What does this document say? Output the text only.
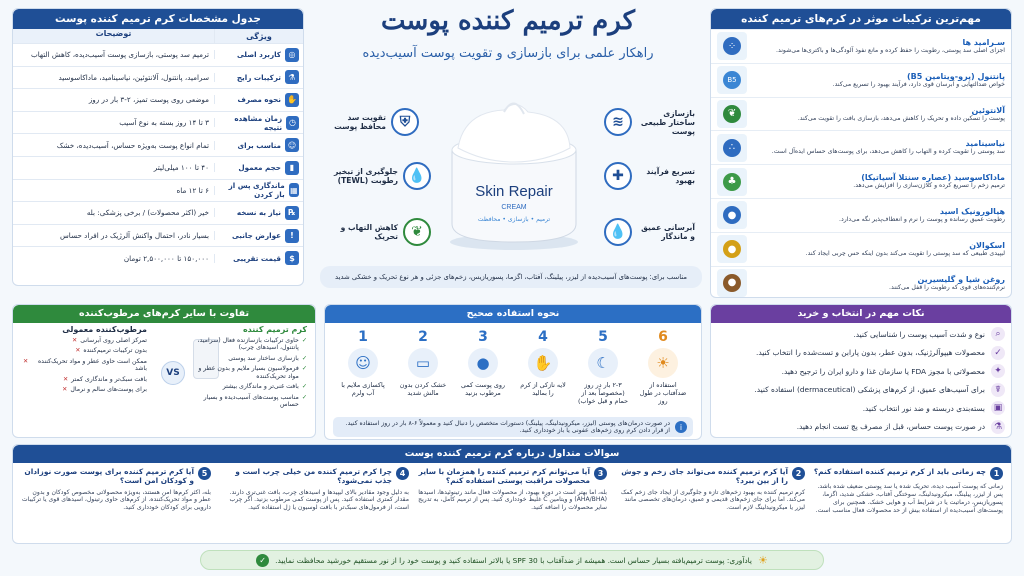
کرم ترمیم کننده پوست
راهکار علمی برای بازسازی و تقویت پوست آسیب‌دیده
جدول مشخصات کرم ترمیم کننده پوست
ویژگی
توضیحات
◎
کاربرد اصلی
ترمیم سد پوستی، بازسازی پوست آسیب‌دیده، کاهش التهاب
⚗
ترکیبات رایج
سرامید، پانتنول، آلانتوئین، نیاسینامید، ماداکاسوسید
✋
نحوه مصرف
موضعی روی پوست تمیز، ۲-۳ بار در روز
◷
زمان مشاهده نتیجه
۳ تا ۱۴ روز بسته به نوع آسیب
☺
مناسب برای
تمام انواع پوست به‌ویژه حساس، آسیب‌دیده، خشک
▮
حجم معمول
۴۰ تا ۱۰۰ میلی‌لیتر
▦
ماندگاری پس از باز کردن
۶ تا ۱۲ ماه
℞
نیاز به نسخه
خیر (اکثر محصولات) / برخی پزشکی: بله
!
عوارض جانبی
بسیار نادر، احتمال واکنش آلرژیک در افراد حساس
$
قیمت تقریبی
۱۵۰,۰۰۰ تا ۲,۵۰۰,۰۰۰ تومان
Skin Repair
CREAM
ترمیم • بازسازی • محافظت
⛨
تقویت سد محافظ پوست
بازسازی ساختار طبیعی پوست
≋
💧
جلوگیری از تبخیر رطوبت (TEWL)
تسریع فرآیند بهبود
✚
❦
کاهش التهاب و تحریک
آبرسانی عمیق و ماندگار
💧
مناسب برای: پوست‌های آسیب‌دیده از لیزر، پیلینگ، آفتاب، اگزما، پسوریازیس، زخم‌های جزئی و هر نوع تحریک و خشکی شدید
مهم‌ترین ترکیبات موثر در کرم‌های ترمیم کننده
سـرامید ها
اجزای اصلی سد پوستی، رطوبت را حفظ کرده و مانع نفوذ آلودگی‌ها و باکتری‌ها می‌شوند.
⁘
پانتنول (پرو-ویتامین B5)
خواص ضدالتهابی و آبرسان قوی دارد، فرآیند بهبود را تسریع می‌کند.
B5
آلانتوئین
پوست را تسکین داده و تحریک را کاهش می‌دهد، بازسازی بافت را تقویت می‌کند.
❦
نیاسینامید
سد پوستی را تقویت کرده و التهاب را کاهش می‌دهد، برای پوست‌های حساس ایده‌آل است.
∴
ماداکاسوسید (عصاره سنتلا آسیاتیکا)
ترمیم زخم را تسریع کرده و کلاژن‌سازی را افزایش می‌دهد.
♣
هیالورونیک اسید
رطوبت عمیق رسانده و پوست را نرم و انعطاف‌پذیر نگه می‌دارد.
●
اسکوالان
لیپیدی طبیعی که سد پوستی را تقویت می‌کند بدون اینکه حس چربی ایجاد کند.
●
روغن شیا و گلیسیرین
نرم‌کننده‌های قوی که رطوبت را قفل می‌کنند.
●
تفاوت با سایر کرم‌های مرطوب‌کننده
مرطوب‌کننده معمولی
تمرکز اصلی روی آبرسانی
✕
بدون ترکیبات ترمیم‌کننده
✕
ممکن است حاوی عطر و مواد تحریک‌کننده باشد
✕
بافت سبک‌تر و ماندگاری کمتر
✕
برای پوست‌های سالم و نرمال
✕
VS
کرم ترمیم کننده
✓
حاوی ترکیبات بازسازنده فعال (سرامید، پانتنول، اسیدهای چرب)
✓
بازسازی ساختار سد پوستی
✓
فرمولاسیون بسیار ملایم و بدون عطر و مواد تحریک‌کننده
✓
بافت غنی‌تر و ماندگاری بیشتر
✓
مناسب پوست‌های آسیب‌دیده و بسیار حساس
نحوه استفاده صحیح
1
☺
پاکسازی ملایم با آب ولرم
2
▭
خشک کردن بدون مالش شدید
3
●
روی پوست کمی مرطوب بزنید
4
✋
لایه نازکی از کرم را بمالید
5
☾
۲-۳ بار در روز (مخصوصاً بعد از حمام و قبل خواب)
6
☀
استفاده از ضدآفتاب در طول روز
i
در صورت درمان‌های پوستی (لیزر، میکرونیدلینگ، پیلینگ) دستورات متخصص را دنبال کنید و معمولاً ۶-۸ بار در روز استفاده کنید. از قرار دادن کرم روی زخم‌های عفونی یا باز خودداری کنید.
نکات مهم در انتخاب و خرید
⌕
نوع و شدت آسیب پوست را شناسایی کنید.
✓
محصولات هیپوآلرژنیک، بدون عطر، بدون پارابن و تست‌شده را انتخاب کنید.
✦
محصولاتی با مجوز FDA یا سازمان غذا و دارو ایران را ترجیح دهید.
☤
برای آسیب‌های عمیق، از کرم‌های پزشکی (dermaceutical) استفاده کنید.
▣
بسته‌بندی دربسته و ضد نور انتخاب کنید.
⚗
در صورت پوست حساس، قبل از مصرف پچ تست انجام دهید.
سوالات متداول درباره کرم ترمیم کننده پوست
1
چه زمانی باید از کرم ترمیم کننده استفاده کنم؟
زمانی که پوست آسیب دیده، تحریک شده یا سد پوستی ضعیف شده باشد. پس از لیزر، پیلینگ، میکرونیدلینگ، سوختگی آفتاب، خشکی شدید، اگزما، پسوریازیس، درماتیت یا در شرایط آب و هوایی خشک. همچنین برای پوست‌های آسیب‌دیده از استفاده بیش از حد محصولات فعال مناسب است.
2
آیا کرم ترمیم کننده می‌تواند جای زخم و جوش را از بین ببرد؟
کرم ترمیم کننده به بهبود زخم‌های تازه و جلوگیری از ایجاد جای زخم کمک می‌کند. اما برای جای زخم‌های قدیمی و عمیق، درمان‌های تخصصی مانند لیزر یا میکرونیدلینگ لازم است.
3
آیا می‌توانم کرم ترمیم کننده را همزمان با سایر محصولات مراقبت پوستی استفاده کنم؟
بله، اما بهتر است در دوره بهبود، از محصولات فعال مانند رتینوئیدها، اسیدها (AHA/BHA) و ویتامین C غلیظ خودداری کنید. پس از ترمیم کامل، به تدریج سایر محصولات را اضافه کنید.
4
چرا کرم ترمیم کننده من خیلی چرب است و جذب نمی‌شود؟
به دلیل وجود مقادیر بالای لیپیدها و اسیدهای چرب، بافت غنی‌تری دارند. مقدار کمتری استفاده کنید. پس از پوست کمی مرطوب بزنید. اگر چرب است، از فرمول‌های سبک‌تر با بافت لوسیون یا ژل استفاده کنید.
5
آیا کرم ترمیم کننده برای پوست صورت نوزادان و کودکان امن است؟
بله، اکثر کرم‌ها امن هستند، به‌ویژه محصولاتی مخصوص کودکان و بدون عطر و مواد تحریک‌کننده. از کرم‌های حاوی رتینول، اسیدهای قوی یا ترکیبات دارویی برای کودکان خودداری کنید.
☀
یادآوری: پوست ترمیم‌یافته بسیار حساس است. همیشه از ضدآفتاب با SPF 30 یا بالاتر استفاده کنید و پوست خود را از نور مستقیم خورشید محافظت نمایید.
✓
